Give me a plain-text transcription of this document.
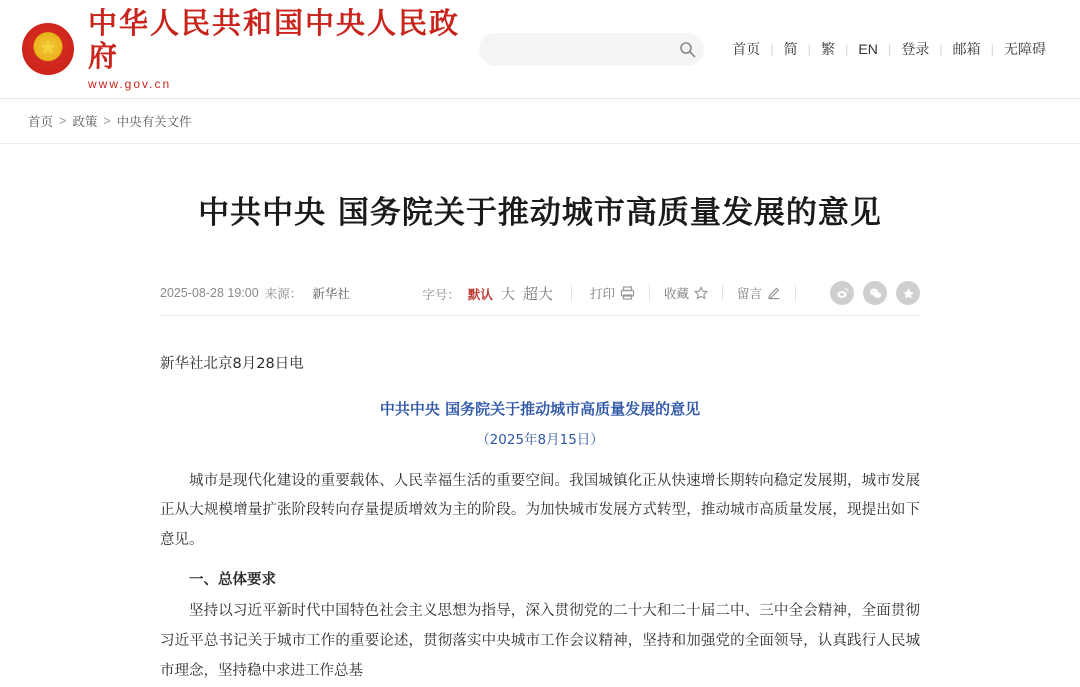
★
中华人民共和国中央人民政府
www.gov.cn
首页 | 简 | 繁 | EN | 登录 | 邮箱 | 无障碍
首页 > 政策 > 中央有关文件
中共中央 国务院关于推动城市高质量发展的意见
2025-08-28 19:00 来源： 新华社	字号： 默认 大 超大	打印	收藏	留言

新华社北京8月28日电

中共中央 国务院关于推动城市高质量发展的意见

（2025年8月15日）

城市是现代化建设的重要载体、人民幸福生活的重要空间。我国城镇化正从快速增长期转向稳定发展期，城市发展正从大规模增量扩张阶段转向存量提质增效为主的阶段。为加快城市发展方式转型，推动城市高质量发展，现提出如下意见。

一、总体要求

坚持以习近平新时代中国特色社会主义思想为指导，深入贯彻党的二十大和二十届二中、三中全会精神，全面贯彻习近平总书记关于城市工作的重要论述，贯彻落实中央城市工作会议精神，坚持和加强党的全面领导，认真践行人民城市理念，坚持稳中求进工作总基
